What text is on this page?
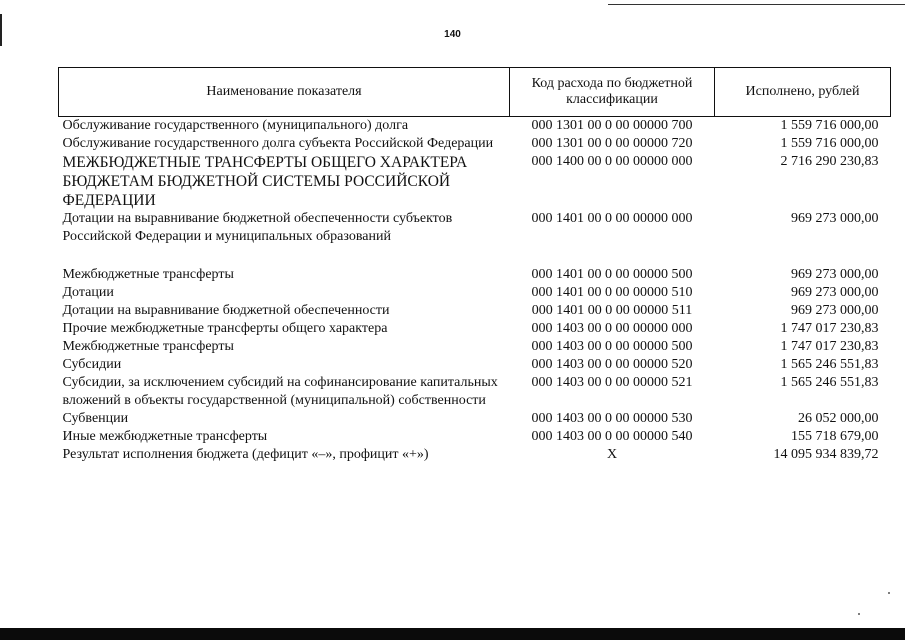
140
Наименование показателя	Код расхода по бюджетной классификации	Исполнено, рублей
Обслуживание государственного (муниципального) долга	000 1301 00 0 00 00000 700	1 559 716 000,00
Обслуживание государственного долга субъекта Российской Федерации	000 1301 00 0 00 00000 720	1 559 716 000,00
МЕЖБЮДЖЕТНЫЕ ТРАНСФЕРТЫ ОБЩЕГО ХАРАКТЕРА БЮДЖЕТАМ БЮДЖЕТНОЙ СИСТЕМЫ РОССИЙСКОЙ ФЕДЕРАЦИИ	000 1400 00 0 00 00000 000	2 716 290 230,83
Дотации на выравнивание бюджетной обеспеченности субъектов Российской Федерации и муниципальных образований	000 1401 00 0 00 00000 000	969 273 000,00

Межбюджетные трансферты	000 1401 00 0 00 00000 500	969 273 000,00
Дотации	000 1401 00 0 00 00000 510	969 273 000,00
Дотации на выравнивание бюджетной обеспеченности	000 1401 00 0 00 00000 511	969 273 000,00
Прочие межбюджетные трансферты общего характера	000 1403 00 0 00 00000 000	1 747 017 230,83
Межбюджетные трансферты	000 1403 00 0 00 00000 500	1 747 017 230,83
Субсидии	000 1403 00 0 00 00000 520	1 565 246 551,83
Субсидии, за исключением субсидий на софинансирование капитальных вложений в объекты государственной (муниципальной) собственности	000 1403 00 0 00 00000 521	1 565 246 551,83
Субвенции	000 1403 00 0 00 00000 530	26 052 000,00
Иные межбюджетные трансферты	000 1403 00 0 00 00000 540	155 718 679,00
Результат исполнения бюджета (дефицит «–», профицит «+»)	X	14 095 934 839,72
